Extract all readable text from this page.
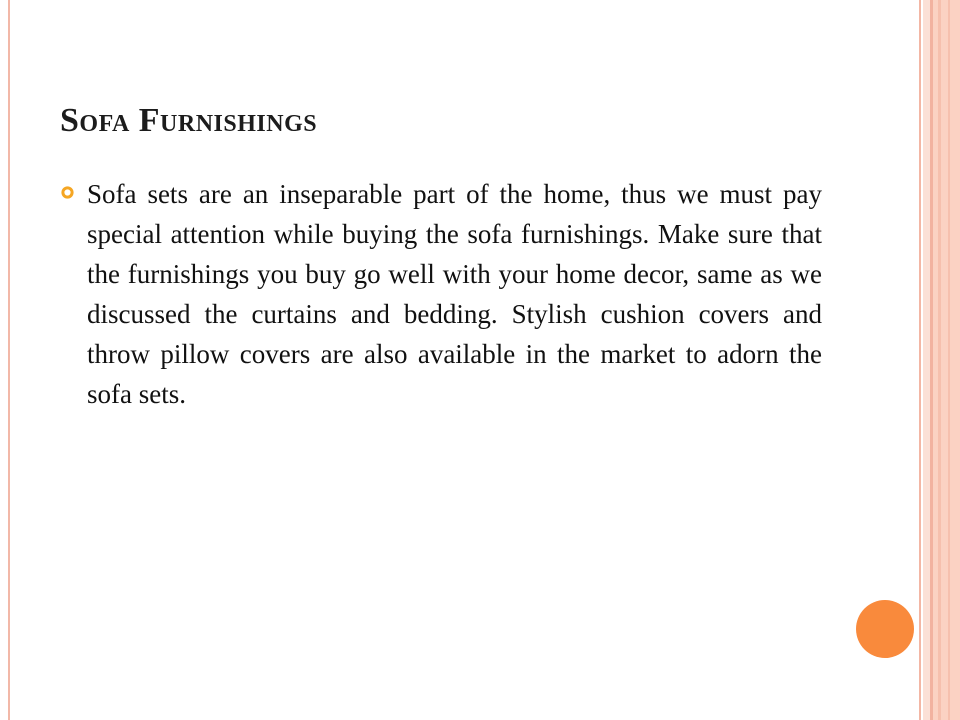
Sofa Furnishings

Sofa sets are an inseparable part of the home, thus we must pay special attention while buying the sofa furnishings. Make sure that the furnishings you buy go well with your home decor, same as we discussed the curtains and bedding. Stylish cushion covers and throw pillow covers are also available in the market to adorn the sofa sets.
